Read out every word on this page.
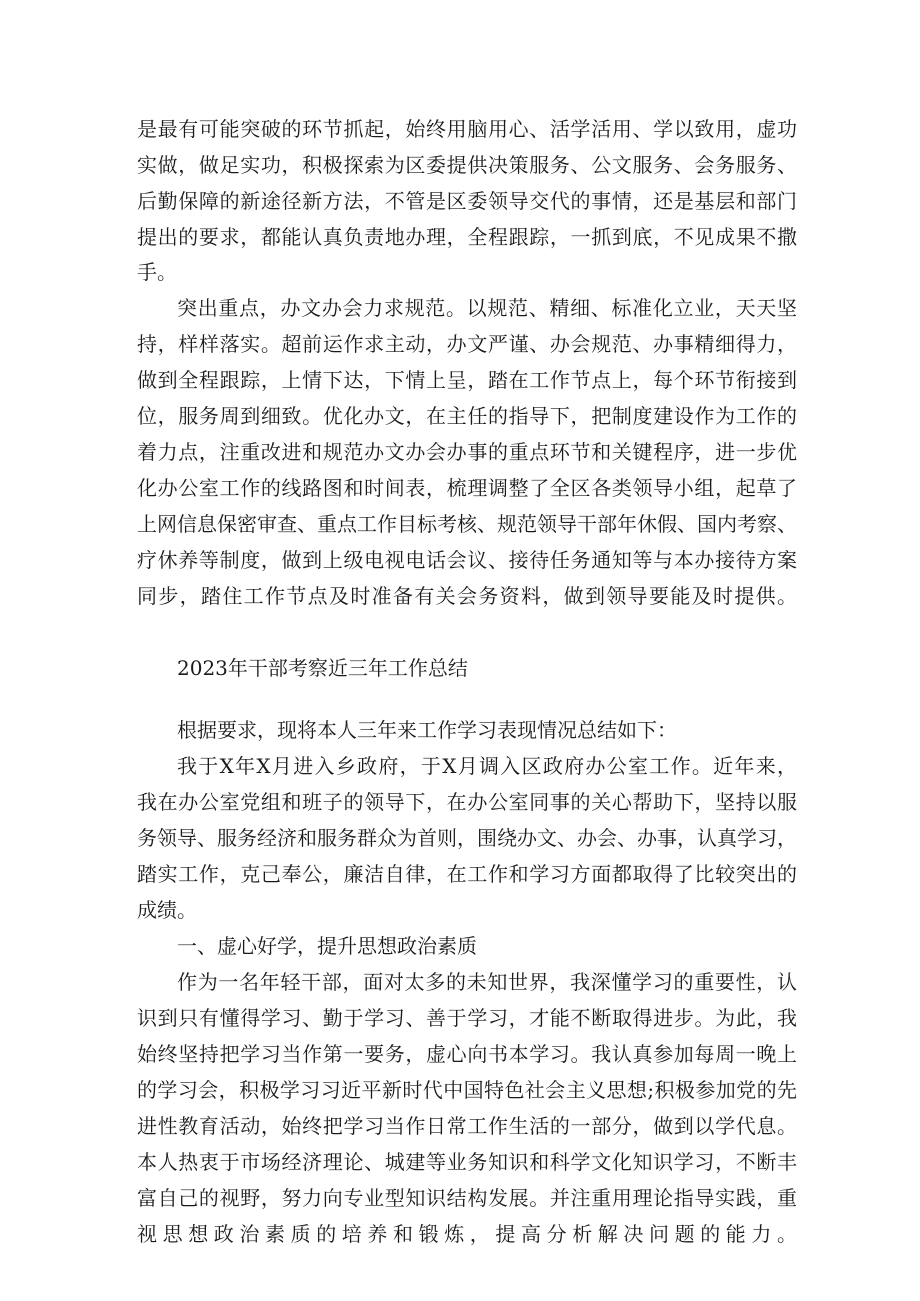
是最有可能突破的环节抓起，始终用脑用心、活学活用、学以致用，虚功
实做，做足实功，积极探索为区委提供决策服务、公文服务、会务服务、
后勤保障的新途径新方法，不管是区委领导交代的事情，还是基层和部门
提出的要求，都能认真负责地办理，全程跟踪，一抓到底，不见成果不撒
手。
突出重点，办文办会力求规范。以规范、精细、标准化立业，天天坚
持，样样落实。超前运作求主动，办文严谨、办会规范、办事精细得力，
做到全程跟踪，上情下达，下情上呈，踏在工作节点上，每个环节衔接到
位，服务周到细致。优化办文，在主任的指导下，把制度建设作为工作的
着力点，注重改进和规范办文办会办事的重点环节和关键程序，进一步优
化办公室工作的线路图和时间表，梳理调整了全区各类领导小组，起草了
上网信息保密审查、重点工作目标考核、规范领导干部年休假、国内考察、
疗休养等制度，做到上级电视电话会议、接待任务通知等与本办接待方案
同步，踏住工作节点及时准备有关会务资料，做到领导要能及时提供。
2023年干部考察近三年工作总结
根据要求，现将本人三年来工作学习表现情况总结如下：
我于X年X月进入乡政府，于X月调入区政府办公室工作。近年来，
我在办公室党组和班子的领导下，在办公室同事的关心帮助下，坚持以服
务领导、服务经济和服务群众为首则，围绕办文、办会、办事，认真学习，
踏实工作，克己奉公，廉洁自律，在工作和学习方面都取得了比较突出的
成绩。
一、虚心好学，提升思想政治素质
作为一名年轻干部，面对太多的未知世界，我深懂学习的重要性，认
识到只有懂得学习、勤于学习、善于学习，才能不断取得进步。为此，我
始终坚持把学习当作第一要务，虚心向书本学习。我认真参加每周一晚上
的学习会，积极学习习近平新时代中国特色社会主义思想;积极参加党的先
进性教育活动，始终把学习当作日常工作生活的一部分，做到以学代息。
本人热衷于市场经济理论、城建等业务知识和科学文化知识学习，不断丰
富自己的视野，努力向专业型知识结构发展。并注重用理论指导实践，重
视思想政治素质的培养和锻炼，提高分析解决问题的能力。
